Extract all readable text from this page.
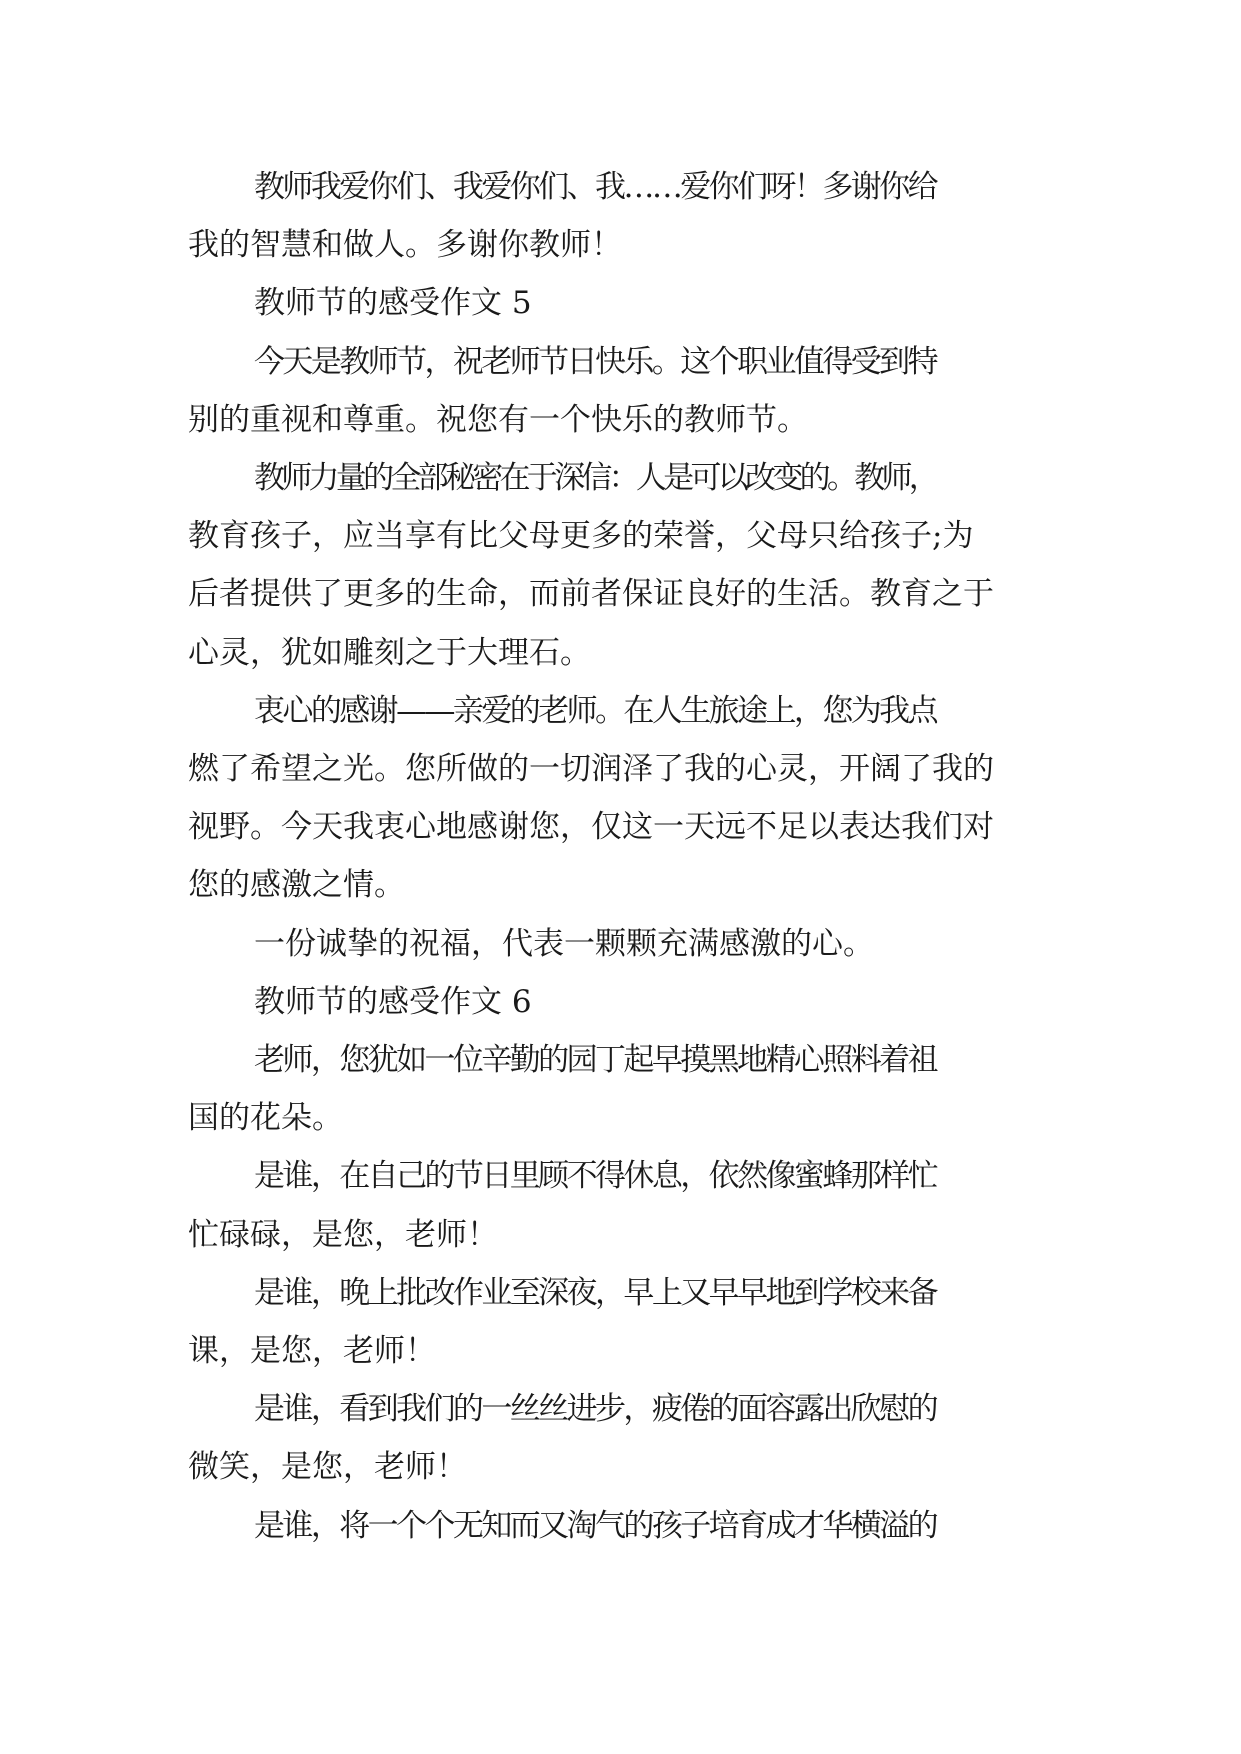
教师我爱你们、我爱你们、我……爱你们呀！多谢你给
我的智慧和做人。多谢你教师！
教师节的感受作文 5
今天是教师节，祝老师节日快乐。这个职业值得受到特
别的重视和尊重。祝您有一个快乐的教师节。
教师力量的全部秘密在于深信：人是可以改变的。教师，
教育孩子，应当享有比父母更多的荣誉，父母只给孩子;为
后者提供了更多的生命，而前者保证良好的生活。教育之于
心灵，犹如雕刻之于大理石。
衷心的感谢——亲爱的老师。在人生旅途上，您为我点
燃了希望之光。您所做的一切润泽了我的心灵，开阔了我的
视野。今天我衷心地感谢您，仅这一天远不足以表达我们对
您的感激之情。
一份诚挚的祝福，代表一颗颗充满感激的心。
教师节的感受作文 6
老师，您犹如一位辛勤的园丁起早摸黑地精心照料着祖
国的花朵。
是谁，在自己的节日里顾不得休息，依然像蜜蜂那样忙
忙碌碌，是您，老师！
是谁，晚上批改作业至深夜，早上又早早地到学校来备
课，是您，老师！
是谁，看到我们的一丝丝进步，疲倦的面容露出欣慰的
微笑，是您，老师！
是谁，将一个个无知而又淘气的孩子培育成才华横溢的
